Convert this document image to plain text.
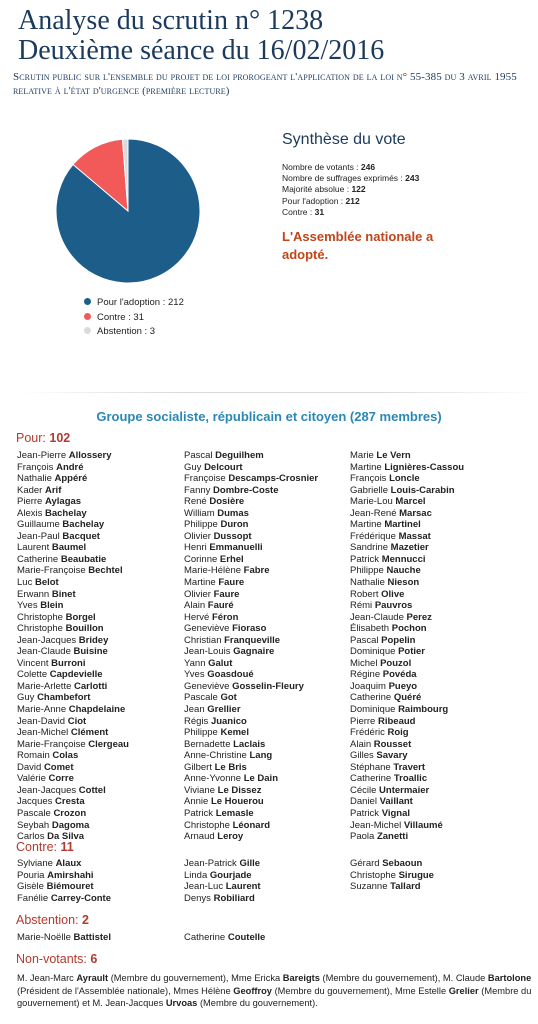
Analyse du scrutin n° 1238
Deuxième séance du 16/02/2016
Scrutin public sur l'ensemble du projet de loi prorogeant l'application de la loi n° 55-385 du 3 avril 1955 relative à l'état d'urgence (première lecture)
Pour l'adoption : 212
Contre : 31
Abstention : 3
Synthèse du vote
Nombre de votants : 246
Nombre de suffrages exprimés : 243
Majorité absolue : 122
Pour l'adoption : 212
Contre : 31
L'Assemblée nationale a adopté.
Groupe socialiste, républicain et citoyen (287 membres)
Pour: 102
Jean-Pierre Allossery
François André
Nathalie Appéré
Kader Arif
Pierre Aylagas
Alexis Bachelay
Guillaume Bachelay
Jean-Paul Bacquet
Laurent Baumel
Catherine Beaubatie
Marie-Françoise Bechtel
Luc Belot
Erwann Binet
Yves Blein
Christophe Borgel
Christophe Bouillon
Jean-Jacques Bridey
Jean-Claude Buisine
Vincent Burroni
Colette Capdevielle
Marie-Arlette Carlotti
Guy Chambefort
Marie-Anne Chapdelaine
Jean-David Ciot
Jean-Michel Clément
Marie-Françoise Clergeau
Romain Colas
David Comet
Valérie Corre
Jean-Jacques Cottel
Jacques Cresta
Pascale Crozon
Seybah Dagoma
Carlos Da Silva
Pascal Deguilhem
Guy Delcourt
Françoise Descamps-Crosnier
Fanny Dombre-Coste
René Dosière
William Dumas
Philippe Duron
Olivier Dussopt
Henri Emmanuelli
Corinne Erhel
Marie-Hélène Fabre
Martine Faure
Olivier Faure
Alain Fauré
Hervé Féron
Geneviève Fioraso
Christian Franqueville
Jean-Louis Gagnaire
Yann Galut
Yves Goasdoué
Geneviève Gosselin-Fleury
Pascale Got
Jean Grellier
Régis Juanico
Philippe Kemel
Bernadette Laclais
Anne-Christine Lang
Gilbert Le Bris
Anne-Yvonne Le Dain
Viviane Le Dissez
Annie Le Houerou
Patrick Lemasle
Christophe Léonard
Arnaud Leroy
Marie Le Vern
Martine Lignières-Cassou
François Loncle
Gabrielle Louis-Carabin
Marie-Lou Marcel
Jean-René Marsac
Martine Martinel
Frédérique Massat
Sandrine Mazetier
Patrick Mennucci
Philippe Nauche
Nathalie Nieson
Robert Olive
Rémi Pauvros
Jean-Claude Perez
Élisabeth Pochon
Pascal Popelin
Dominique Potier
Michel Pouzol
Régine Povéda
Joaquim Pueyo
Catherine Quéré
Dominique Raimbourg
Pierre Ribeaud
Frédéric Roig
Alain Rousset
Gilles Savary
Stéphane Travert
Catherine Troallic
Cécile Untermaier
Daniel Vaillant
Patrick Vignal
Jean-Michel Villaumé
Paola Zanetti
Contre: 11
Sylviane Alaux
Pouria Amirshahi
Gisèle Biémouret
Fanélie Carrey-Conte
Jean-Patrick Gille
Linda Gourjade
Jean-Luc Laurent
Denys Robiliard
Gérard Sebaoun
Christophe Sirugue
Suzanne Tallard
Abstention: 2
Marie-Noëlle Battistel	Catherine Coutelle
Non-votants: 6
M. Jean-Marc Ayrault (Membre du gouvernement), Mme Ericka Bareigts (Membre du gouvernement), M. Claude Bartolone (Président de l'Assemblée nationale), Mmes Hélène Geoffroy (Membre du gouvernement), Mme Estelle Grelier (Membre du gouvernement) et M. Jean-Jacques Urvoas (Membre du gouvernement).
